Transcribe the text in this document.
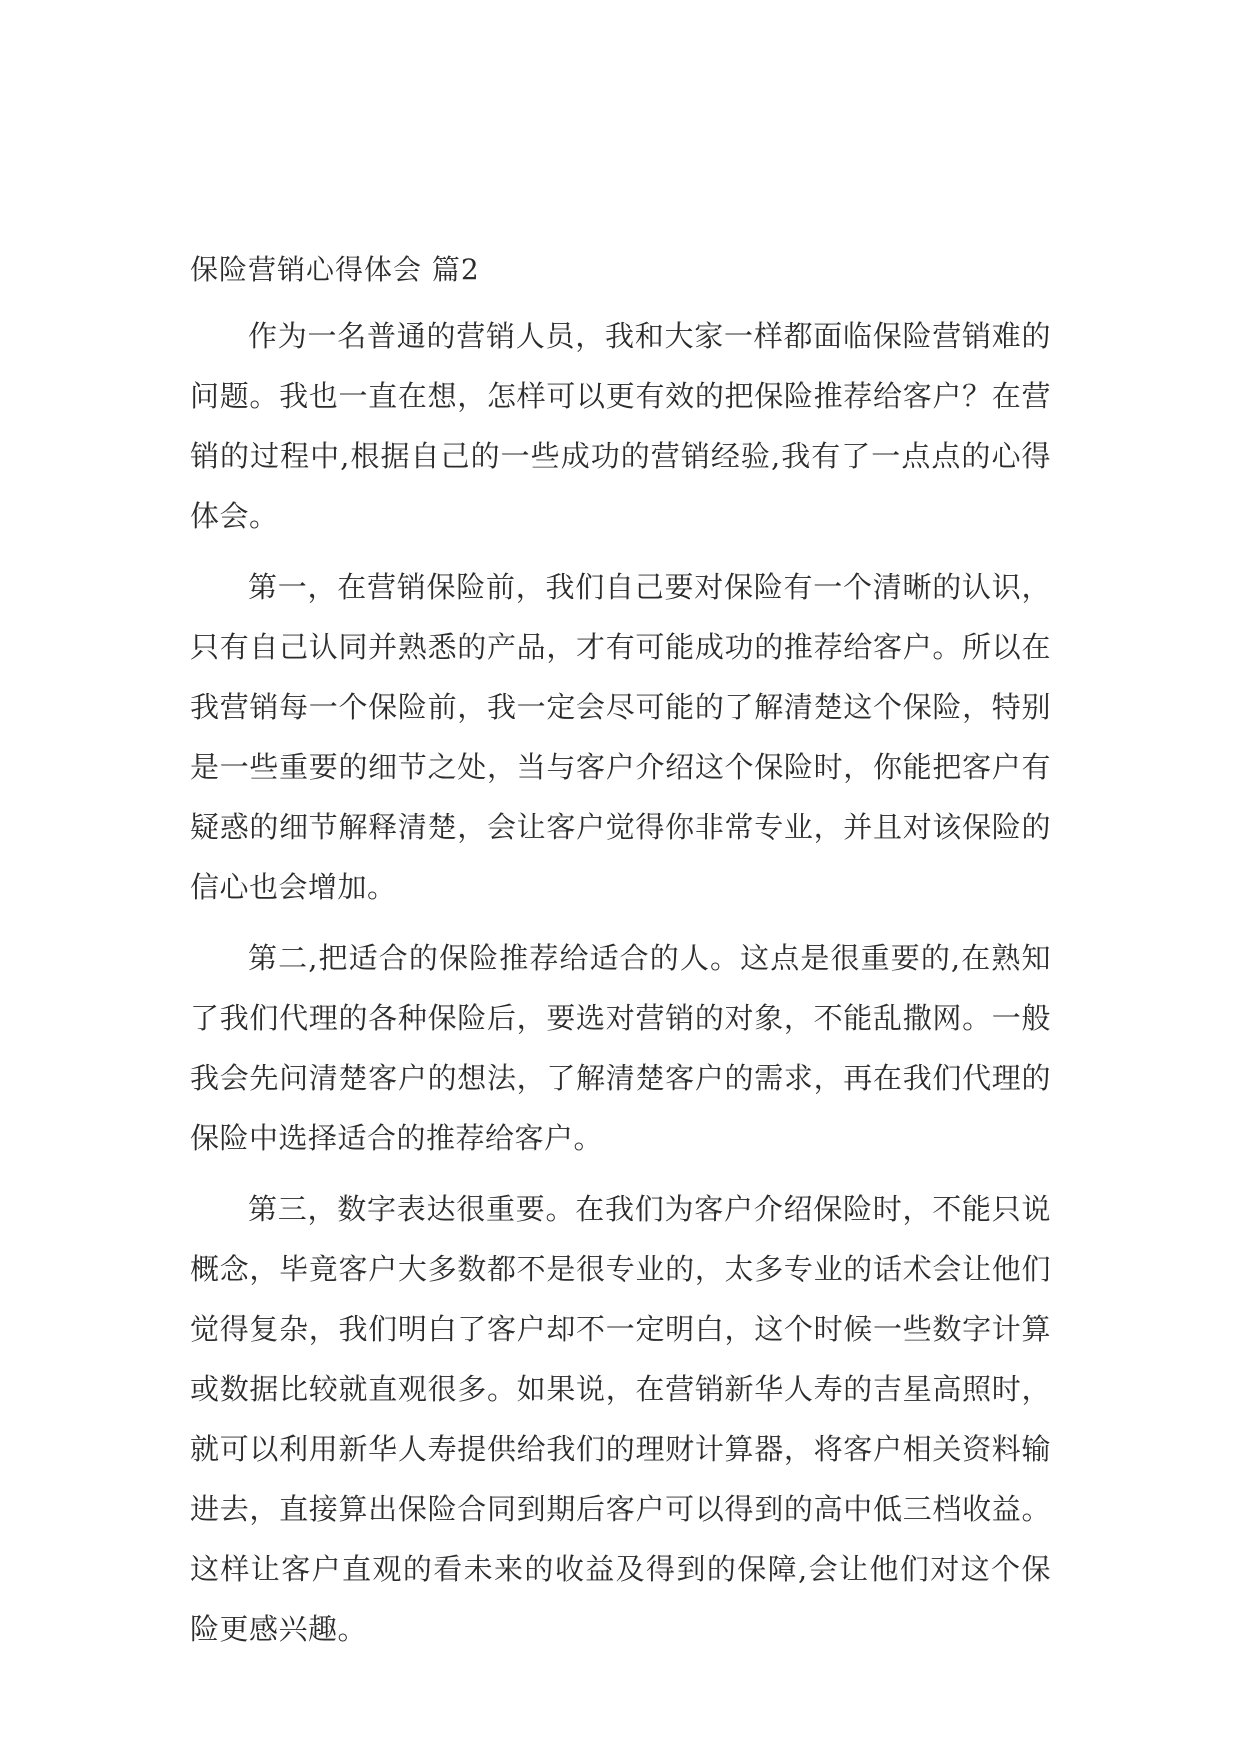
保险营销心得体会 篇2

作为一名普通的营销人员，我和大家一样都面临保险营销难的问题。我也一直在想，怎样可以更有效的把保险推荐给客户？在营销的过程中,根据自己的一些成功的营销经验,我有了一点点的心得体会。

第一，在营销保险前，我们自己要对保险有一个清晰的认识，只有自己认同并熟悉的产品，才有可能成功的推荐给客户。所以在我营销每一个保险前，我一定会尽可能的了解清楚这个保险，特别是一些重要的细节之处，当与客户介绍这个保险时，你能把客户有疑惑的细节解释清楚，会让客户觉得你非常专业，并且对该保险的信心也会增加。

第二,把适合的保险推荐给适合的人。这点是很重要的,在熟知了我们代理的各种保险后，要选对营销的对象，不能乱撒网。一般我会先问清楚客户的想法，了解清楚客户的需求，再在我们代理的保险中选择适合的推荐给客户。

第三，数字表达很重要。在我们为客户介绍保险时，不能只说概念，毕竟客户大多数都不是很专业的，太多专业的话术会让他们觉得复杂，我们明白了客户却不一定明白，这个时候一些数字计算或数据比较就直观很多。如果说，在营销新华人寿的吉星高照时，就可以利用新华人寿提供给我们的理财计算器，将客户相关资料输进去，直接算出保险合同到期后客户可以得到的高中低三档收益。这样让客户直观的看未来的收益及得到的保障,会让他们对这个保险更感兴趣。
